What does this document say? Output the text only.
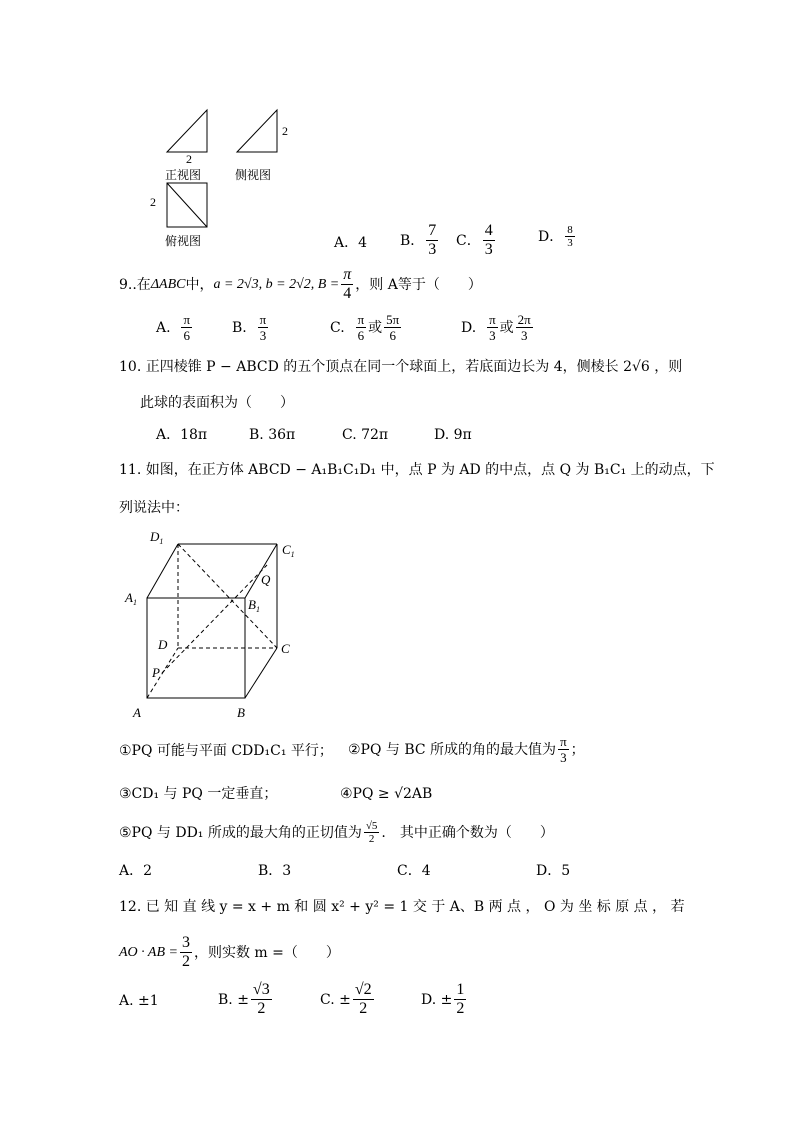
2
正视图
2
侧视图
2
俯视图	A．4 B． $\frac{7}{3}$ C． $\frac{4}{3}$	D． $\frac{8}{3}$
9. .在 ΔABC 中， a = 2√3, b = 2√2, $B = \frac{\pi}{4}$ ，则 A等于（　　）
A.
$\frac{\pi}{6}$	B.
$\frac{\pi}{3}$	C.
$\frac{\pi}{6}$ 或 $\frac{5\pi}{6}$	D.
$\frac{\pi}{3}$ 或 $\frac{2\pi}{3}$
10. 正四棱锥 P − ABCD 的五个顶点在同一个球面上，若底面边长为 4，侧棱长 2√6 ，则
此球的表面积为（　　）
A．18π	B. 36π	C. 72π	D. 9π
11. 如图，在正方体 ABCD − A₁B₁C₁D₁ 中，点 P 为 AD 的中点，点 Q 为 B₁C₁ 上的动点，下
列说法中：
$D_1$
$C_1$
$A_1$	$B_1$
Q
D	C
P
A	B
①PQ 可能与平面 CDD₁C₁ 平行； ②PQ 与 BC 所成的角的最大值为 $\frac{\pi}{3}$ ；
③CD₁ 与 PQ 一定垂直；	④PQ ≥ √2AB
⑤PQ 与 DD₁ 所成的最大角的正切值为 $\frac{√5}{2}$ .　其中正确个数为（　　）
A．2	B．3	C．4	D．5
12. 已 知 直 线 y = x + m 和 圆 x² + y² = 1 交 于 A、B 两 点 ， O 为 坐 标 原 点 ， 若
AO · AB = $\frac{3}{2}$ ，则实数 m =（　　）
A. ±1	B. ± $\frac{√3}{2}$	C. ± $\frac{√2}{2}$	D. ± $\frac{1}{2}$
